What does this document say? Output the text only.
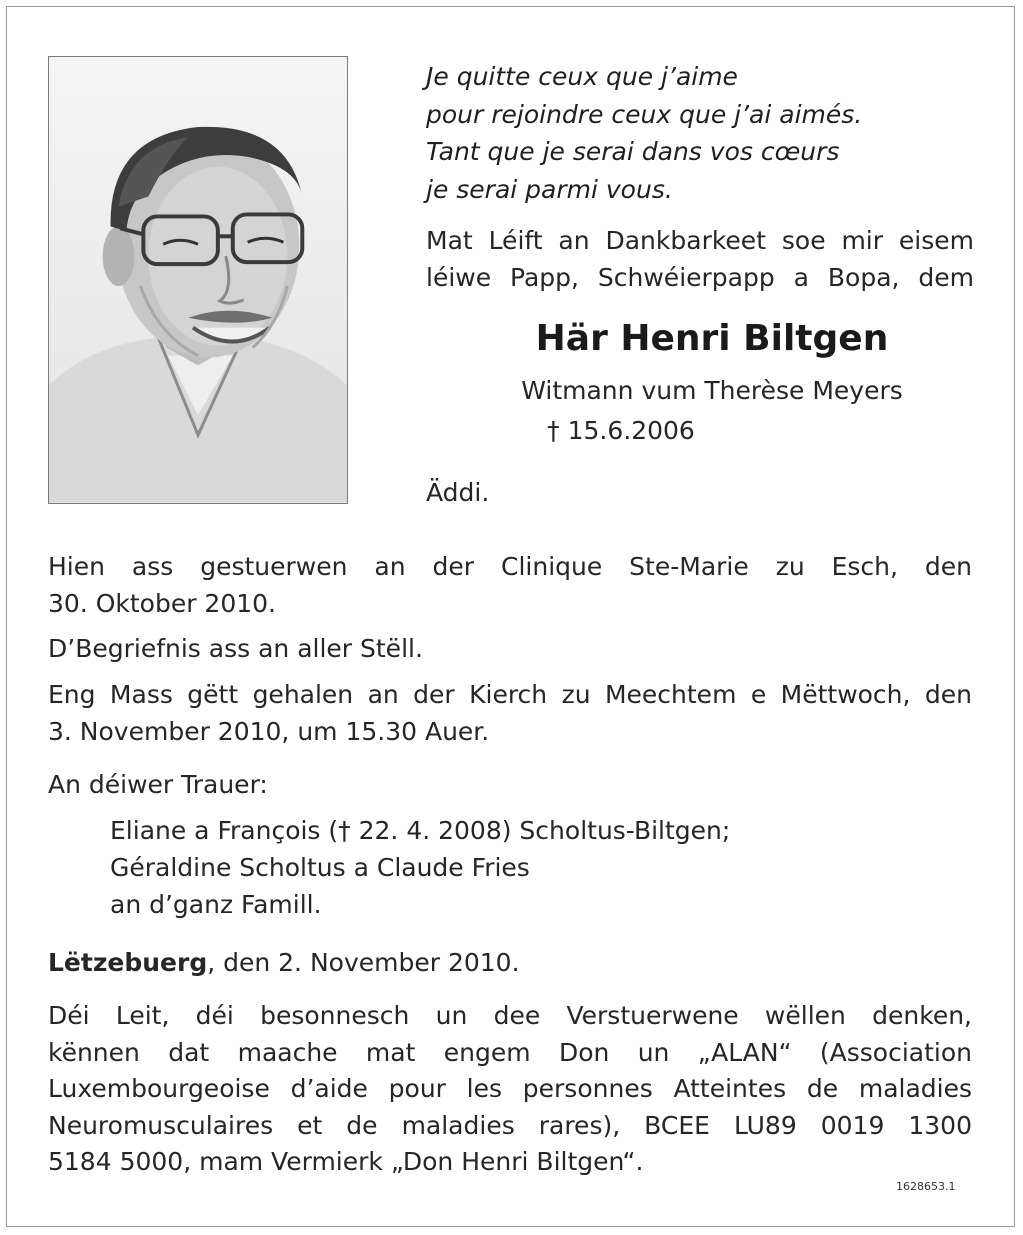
Je quitte ceux que j’aime
pour rejoindre ceux que j’ai aimés.
Tant que je serai dans vos cœurs
je serai parmi vous.
Mat Léift an Dankbarkeet soe mir eisem
léiwe Papp, Schwéierpapp a Bopa, dem
Här Henri Biltgen
Witmann vum Therèse Meyers
† 15.6.2006
Äddi.
Hien ass gestuerwen an der Clinique Ste-Marie zu Esch, den
30. Oktober 2010.
D’Begriefnis ass an aller Stëll.
Eng Mass gëtt gehalen an der Kierch zu Meechtem e Mëttwoch, den
3. November 2010, um 15.30 Auer.
An déiwer Trauer:
Eliane a François († 22. 4. 2008) Scholtus-Biltgen;
Géraldine Scholtus a Claude Fries
an d’ganz Famill.
Lëtzebuerg, den 2. November 2010.
Déi Leit, déi besonnesch un dee Verstuerwene wëllen denken,
kënnen dat maache mat engem Don un „ALAN“ (Association
Luxembourgeoise d’aide pour les personnes Atteintes de maladies
Neuromusculaires et de maladies rares), BCEE LU89 0019 1300
5184 5000, mam Vermierk „Don Henri Biltgen“.
1628653.1
